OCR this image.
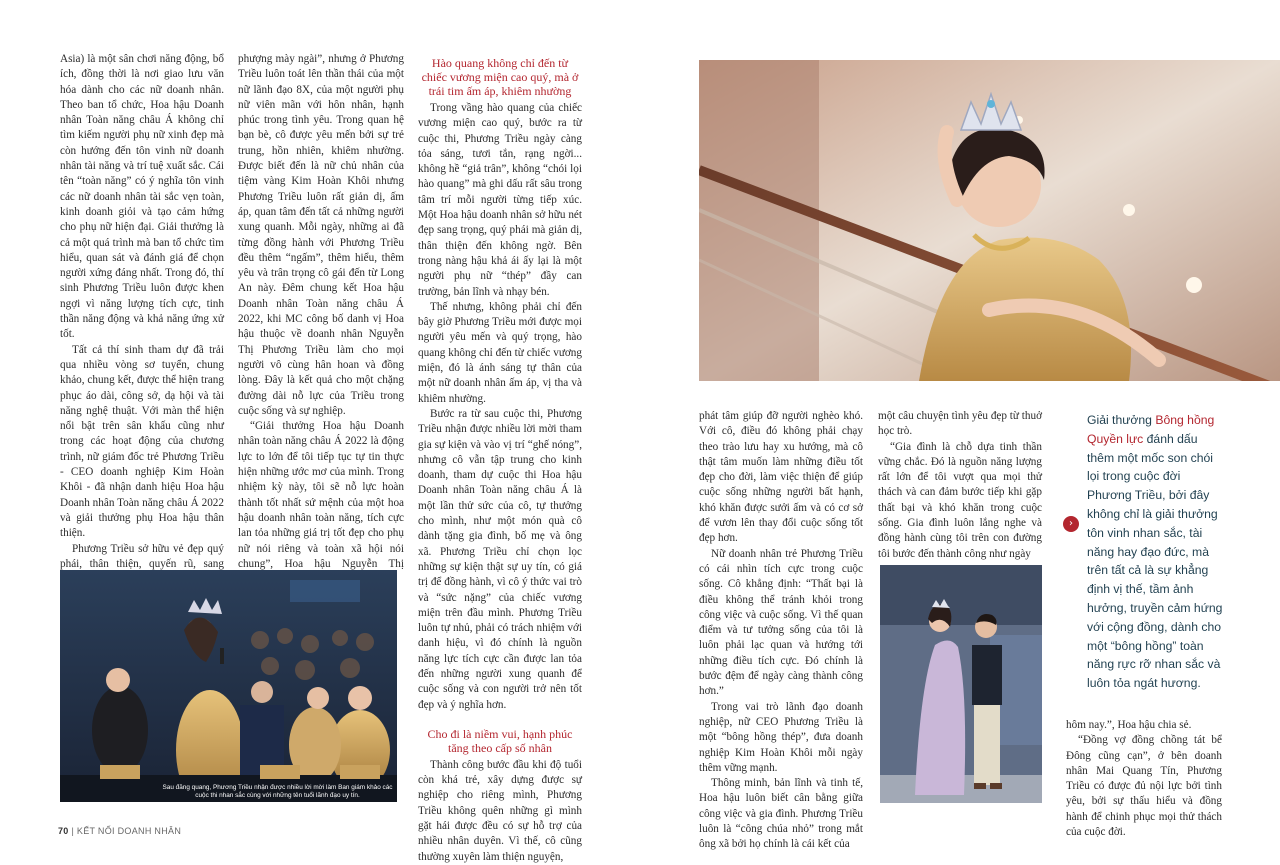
Asia) là một sân chơi năng động, bổ ích, đồng thời là nơi giao lưu văn hóa dành cho các nữ doanh nhân. Theo ban tổ chức, Hoa hậu Doanh nhân Toàn năng châu Á không chỉ tìm kiếm người phụ nữ xinh đẹp mà còn hướng đến tôn vinh nữ doanh nhân tài năng và trí tuệ xuất sắc. Cái tên “toàn năng” có ý nghĩa tôn vinh các nữ doanh nhân tài sắc vẹn toàn, kinh doanh giỏi và tạo cảm hứng cho phụ nữ hiện đại. Giải thưởng là cả một quá trình mà ban tổ chức tìm hiểu, quan sát và đánh giá để chọn người xứng đáng nhất. Trong đó, thí sinh Phương Triều luôn được khen ngợi vì năng lượng tích cực, tinh thần năng động và khả năng ứng xử tốt.

Tất cả thí sinh tham dự đã trải qua nhiều vòng sơ tuyển, chung khảo, chung kết, được thể hiện trang phục áo dài, công sở, dạ hội và tài năng nghệ thuật. Với màn thể hiện nổi bật trên sân khấu cũng như trong các hoạt động của chương trình, nữ giám đốc trẻ Phương Triều - CEO doanh nghiệp Kim Hoàn Khôi - đã nhận danh hiệu Hoa hậu Doanh nhân Toàn năng châu Á 2022 và giải thưởng phụ Hoa hậu thân thiện.

Phương Triều sở hữu vẻ đẹp quý phái, thân thiện, quyến rũ, sang

phượng mày ngài”, nhưng ở Phương Triều luôn toát lên thần thái của một nữ lãnh đạo 8X, của một người phụ nữ viên mãn với hôn nhân, hạnh phúc trong tình yêu. Trong quan hệ bạn bè, cô được yêu mến bởi sự trẻ trung, hồn nhiên, khiêm nhường. Được biết đến là nữ chủ nhân của tiệm vàng Kim Hoàn Khôi nhưng Phương Triều luôn rất giản dị, ấm áp, quan tâm đến tất cả những người xung quanh. Mỗi ngày, những ai đã từng đồng hành với Phương Triều đều thêm “ngấm”, thêm hiểu, thêm yêu và trân trọng cô gái đến từ Long An này. Đêm chung kết Hoa hậu Doanh nhân Toàn năng châu Á 2022, khi MC công bố danh vị Hoa hậu thuộc về doanh nhân Nguyễn Thị Phương Triều làm cho mọi người vô cùng hân hoan và đồng lòng. Đây là kết quả cho một chặng đường dài nỗ lực của Triều trong cuộc sống và sự nghiệp.

“Giải thưởng Hoa hậu Doanh nhân toàn năng châu Á 2022 là động lực to lớn để tôi tiếp tục tự tin thực hiện những ước mơ của mình. Trong nhiệm kỳ này, tôi sẽ nỗ lực hoàn thành tốt nhất sứ mệnh của một hoa hậu doanh nhân toàn năng, tích cực lan tỏa những giá trị tốt đẹp cho phụ nữ nói riêng và toàn xã hội nói chung”, Hoa hậu Nguyễn Thị

Hào quang không chỉ đến từ chiếc vương miện cao quý, mà ở trái tim ấm áp, khiêm nhường

Trong vầng hào quang của chiếc vương miện cao quý, bước ra từ cuộc thi, Phương Triều ngày càng tỏa sáng, tươi tắn, rạng ngời... không hề “giả trân”, không “chói lọi hào quang” mà ghi dấu rất sâu trong tâm trí mỗi người từng tiếp xúc. Một Hoa hậu doanh nhân sở hữu nét đẹp sang trọng, quý phái mà giản dị, thân thiện đến không ngờ. Bên trong nàng hậu khả ái ấy lại là một người phụ nữ “thép” đầy can trường, bản lĩnh và nhạy bén.

Thế nhưng, không phải chỉ đến bây giờ Phương Triều mới được mọi người yêu mến và quý trọng, hào quang không chỉ đến từ chiếc vương miện, đó là ánh sáng tự thân của một nữ doanh nhân ấm áp, vị tha và khiêm nhường.

Bước ra từ sau cuộc thi, Phương Triều nhận được nhiều lời mời tham gia sự kiện và vào vị trí “ghế nóng”, nhưng cô vẫn tập trung cho kinh doanh, tham dự cuộc thi Hoa hậu Doanh nhân Toàn năng châu Á là một lần thử sức của cô, tự thưởng cho mình, như một món quà cô dành tặng gia đình, bố mẹ và ông xã. Phương Triều chỉ chọn lọc những sự kiện thật sự uy tín, có giá trị để đồng hành, vì cô ý thức vai trò và “sức nặng” của chiếc vương miện trên đầu mình. Phương Triều luôn tự nhủ, phải có trách nhiệm với danh hiệu, vì đó chính là nguồn năng lực tích cực cần được lan tỏa đến những người xung quanh để cuộc sống và con người trở nên tốt đẹp và ý nghĩa hơn.

Cho đi là niềm vui, hạnh phúc tăng theo cấp số nhân

Thành công bước đầu khi độ tuổi còn khá trẻ, xây dựng được sự nghiệp cho riêng mình, Phương Triều không quên những gì mình gặt hái được đều có sự hỗ trợ của nhiều nhân duyên. Vì thế, cô cũng thường xuyên làm thiện nguyện,

phát tâm giúp đỡ người nghèo khó. Với cô, điều đó không phải chạy theo trào lưu hay xu hướng, mà cô thật tâm muốn làm những điều tốt đẹp cho đời, làm việc thiện để giúp cuộc sống những người bất hạnh, khó khăn được sưởi ấm và có cơ sở để vươn lên thay đổi cuộc sống tốt đẹp hơn.

Nữ doanh nhân trẻ Phương Triều có cái nhìn tích cực trong cuộc sống. Cô khẳng định: “Thất bại là điều không thể tránh khỏi trong công việc và cuộc sống. Vì thế quan điểm và tư tưởng sống của tôi là luôn phải lạc quan và hướng tới những điều tích cực. Đó chính là bước đệm để ngày càng thành công hơn.”

Trong vai trò lãnh đạo doanh nghiệp, nữ CEO Phương Triều là một “bông hồng thép”, đưa doanh nghiệp Kim Hoàn Khôi mỗi ngày thêm vững mạnh.

Thông minh, bản lĩnh và tinh tế, Hoa hậu luôn biết cân bằng giữa công việc và gia đình. Phương Triều luôn là “công chúa nhỏ” trong mắt ông xã bởi họ chính là cái kết của

một câu chuyện tình yêu đẹp từ thuở học trò.

“Gia đình là chỗ dựa tinh thần vững chắc. Đó là nguồn năng lượng rất lớn để tôi vượt qua mọi thử thách và can đảm bước tiếp khi gặp thất bại và khó khăn trong cuộc sống. Gia đình luôn lắng nghe và đồng hành cùng tôi trên con đường tôi bước đến thành công như ngày

hôm nay.”, Hoa hậu chia sẻ.

“Đồng vợ đồng chồng tát bể Đông cũng cạn”, ở bên doanh nhân Mai Quang Tín, Phương Triều có được đủ nội lực bởi tình yêu, bởi sự thấu hiểu và đồng hành để chinh phục mọi thử thách của cuộc đời.

›
Giải thưởng Bông hồng Quyền lực đánh dấu thêm một mốc son chói lọi trong cuộc đời Phương Triều, bởi đây không chỉ là giải thưởng tôn vinh nhan sắc, tài năng hay đạo đức, mà trên tất cả là sự khẳng định vị thế, tầm ảnh hưởng, truyền cảm hứng với cộng đồng, dành cho một “bông hồng” toàn năng rực rỡ nhan sắc và luôn tỏa ngát hương.
Sau đăng quang, Phương Triều nhận được nhiều lời mời làm Ban giám khảo các
cuộc thi nhan sắc cùng với những tên tuổi lãnh đạo uy tín.
70 | KẾT NỐI DOANH NHÂN
